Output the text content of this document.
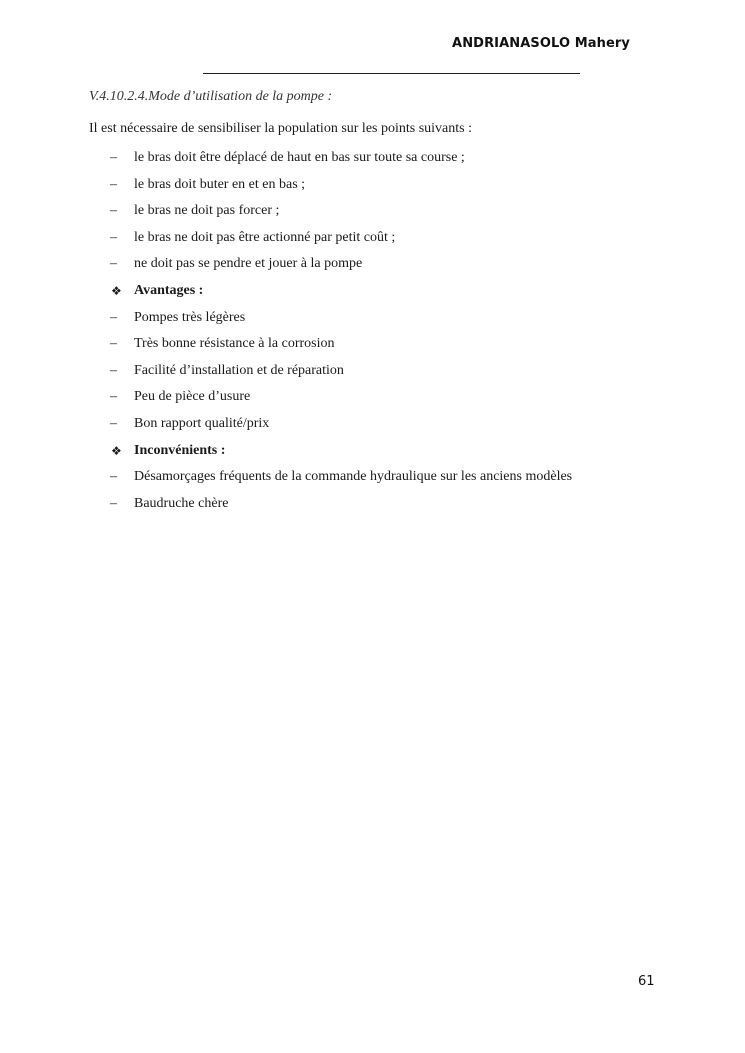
ANDRIANASOLO Mahery
V.4.10.2.4.Mode d’utilisation de la pompe :
Il est nécessaire de sensibiliser la population sur les points suivants :
–	le bras doit être déplacé de haut en bas sur toute sa course ;
–	le bras doit buter en et en bas ;
–	le bras ne doit pas forcer ;
–	le bras ne doit pas être actionné par petit coût ;
–	ne doit pas se pendre et jouer à la pompe
❖ Avantages :
–	Pompes très légères
–	Très bonne résistance à la corrosion
–	Facilité d’installation et de réparation
–	Peu de pièce d’usure
–	Bon rapport qualité/prix
❖ Inconvénients :
–	Désamorçages fréquents de la commande hydraulique sur les anciens modèles
–	Baudruche chère
61
